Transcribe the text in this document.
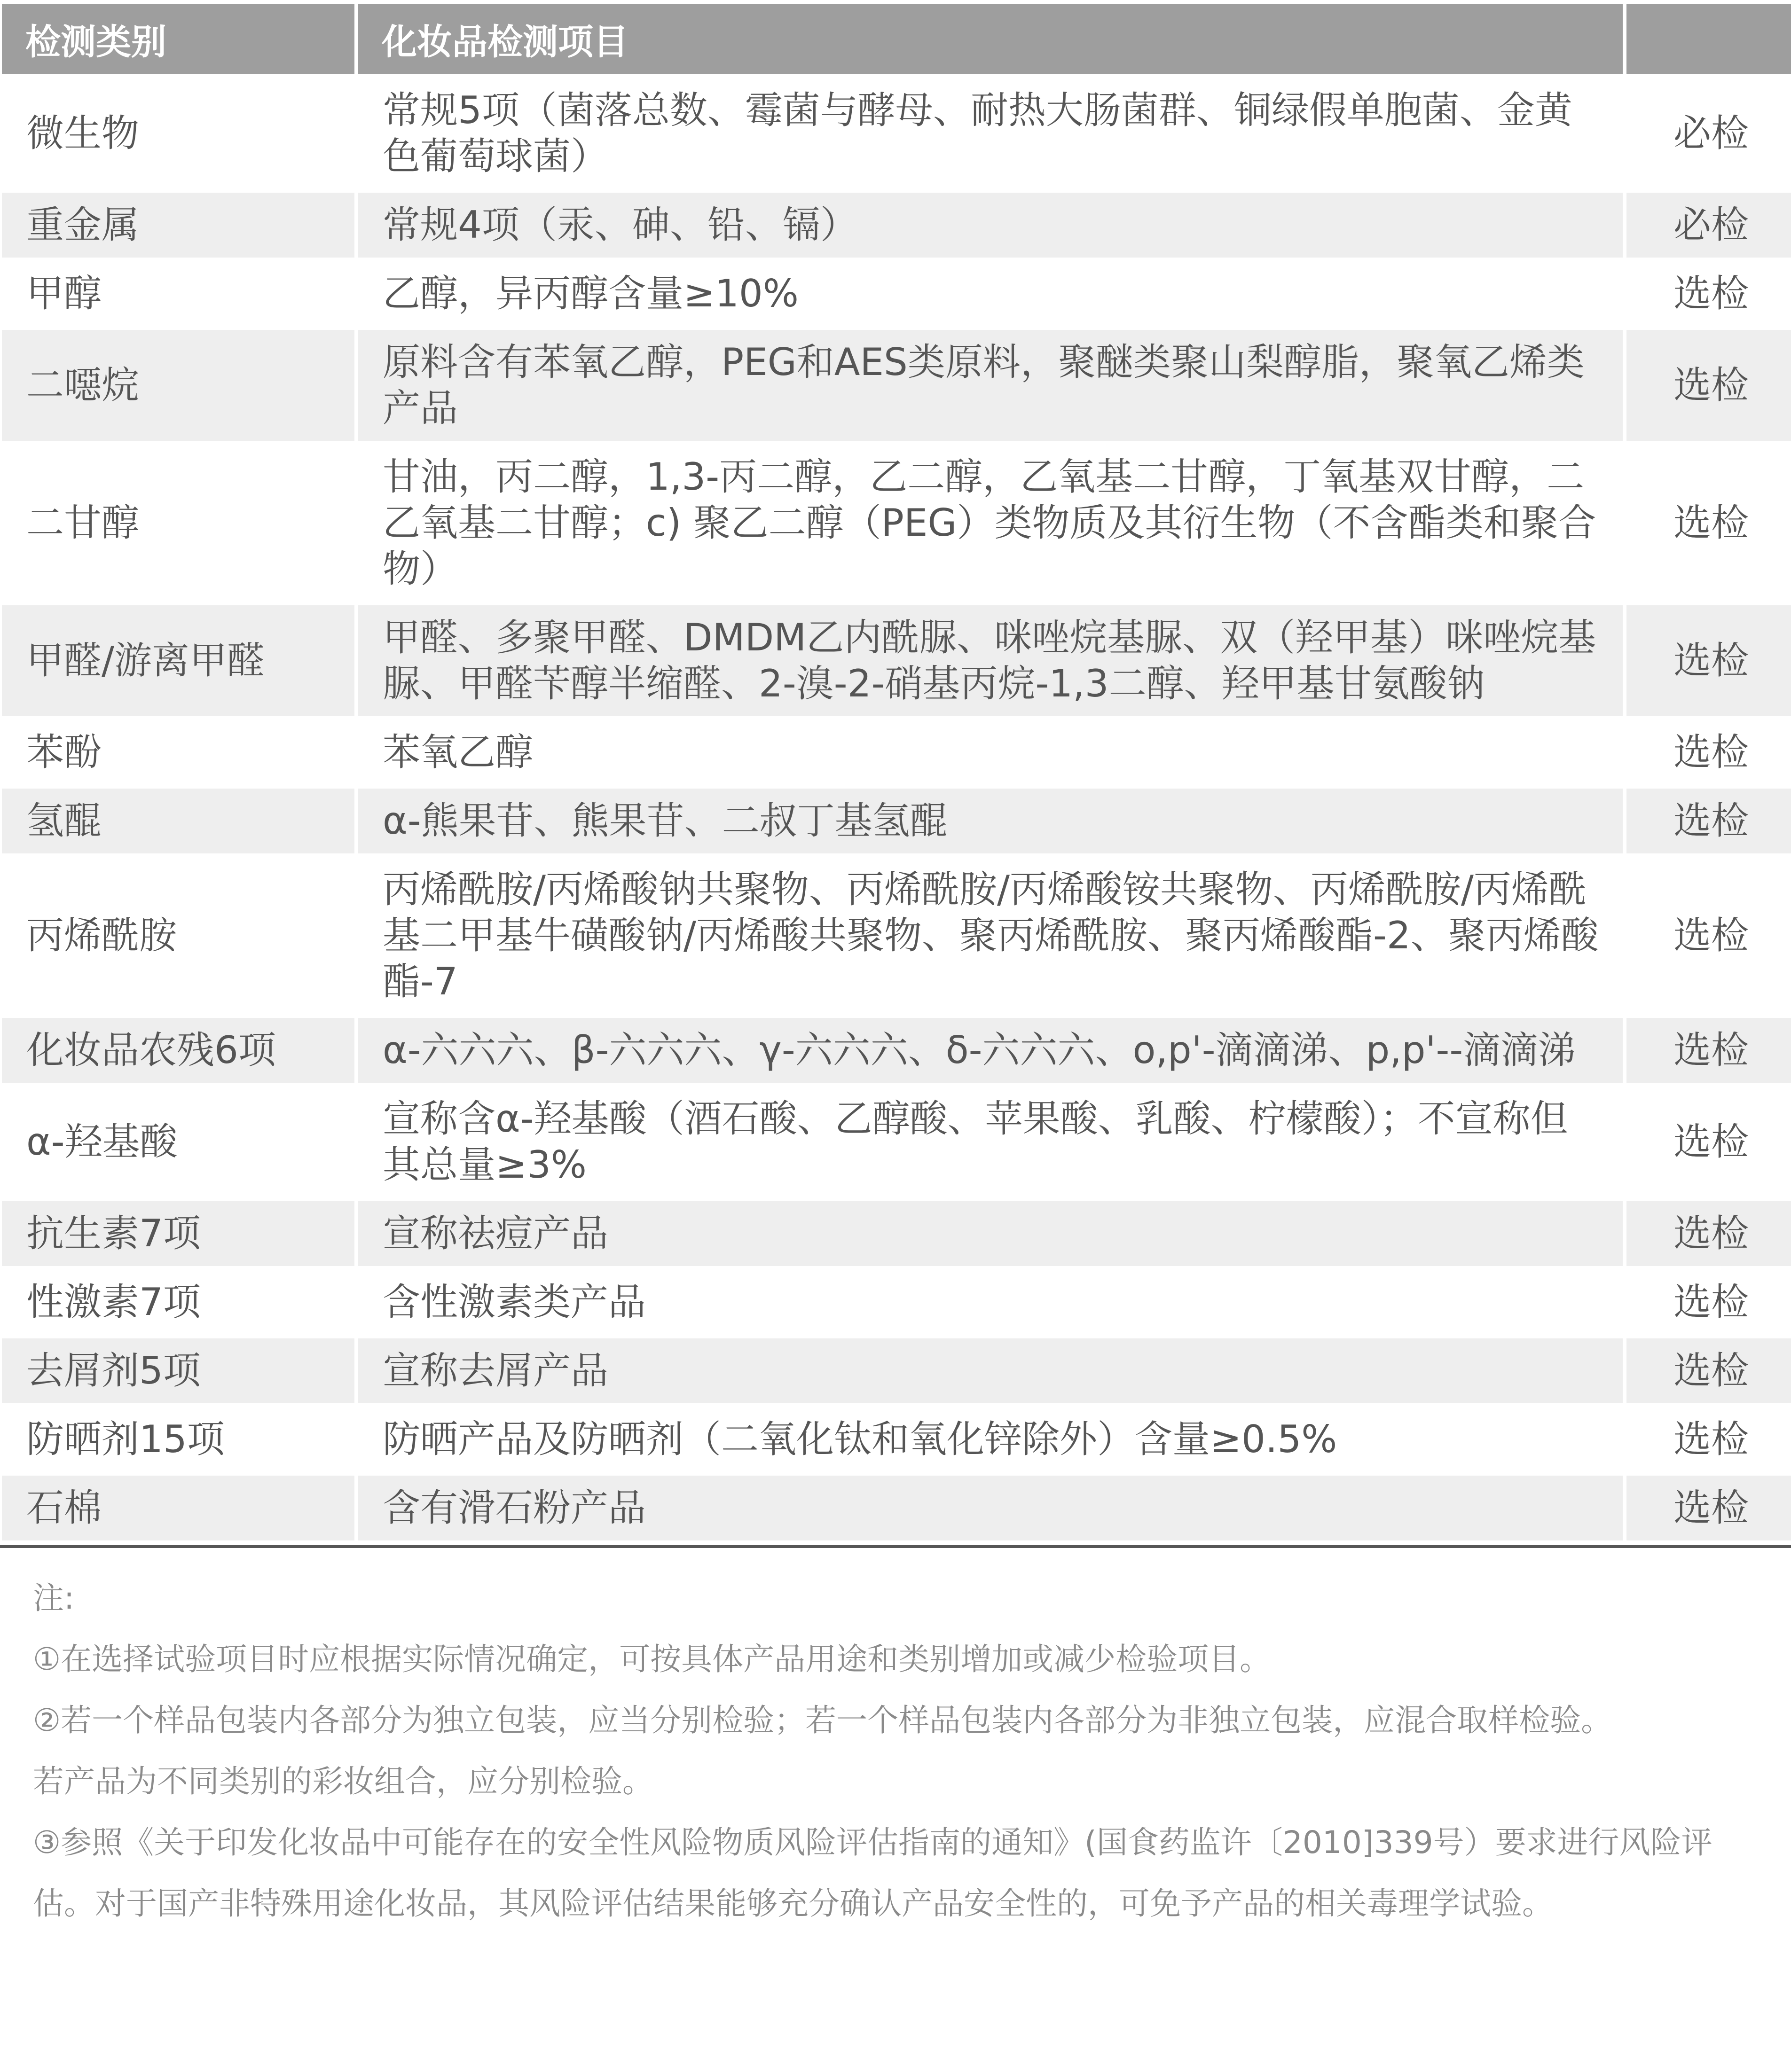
检测类别	化妆品检测项目	
微生物	常规5项（菌落总数、霉菌与酵母、耐热大肠菌群、铜绿假单胞菌、金黄色葡萄球菌）	必检
重金属	常规4项（汞、砷、铅、镉）	必检
甲醇	乙醇，异丙醇含量≥10%	选检
二噁烷	原料含有苯氧乙醇，PEG和AES类原料，聚醚类聚山梨醇脂，聚氧乙烯类产品	选检
二甘醇	甘油，丙二醇，1,3-丙二醇，乙二醇，乙氧基二甘醇，丁氧基双甘醇，二乙氧基二甘醇；c) 聚乙二醇（PEG）类物质及其衍生物（不含酯类和聚合物）	选检
甲醛/游离甲醛	甲醛、多聚甲醛、DMDM乙内酰脲、咪唑烷基脲、双（羟甲基）咪唑烷基脲、甲醛苄醇半缩醛、2-溴-2-硝基丙烷-1,3二醇、羟甲基甘氨酸钠	选检
苯酚	苯氧乙醇	选检
氢醌	α-熊果苷、熊果苷、二叔丁基氢醌	选检
丙烯酰胺	丙烯酰胺/丙烯酸钠共聚物、丙烯酰胺/丙烯酸铵共聚物、丙烯酰胺/丙烯酰基二甲基牛磺酸钠/丙烯酸共聚物、聚丙烯酰胺、聚丙烯酸酯-2、聚丙烯酸酯-7	选检
化妆品农残6项	α-六六六、β-六六六、γ-六六六、δ-六六六、o,p'-滴滴涕、p,p'--滴滴涕	选检
α-羟基酸	宣称含α-羟基酸（酒石酸、乙醇酸、苹果酸、乳酸、柠檬酸）；不宣称但其总量≥3%	选检
抗生素7项	宣称祛痘产品	选检
性激素7项	含性激素类产品	选检
去屑剂5项	宣称去屑产品	选检
防晒剂15项	防晒产品及防晒剂（二氧化钛和氧化锌除外）含量≥0.5%	选检
石棉	含有滑石粉产品	选检

注:

①在选择试验项目时应根据实际情况确定，可按具体产品用途和类别增加或减少检验项目。

②若一个样品包装内各部分为独立包装，应当分别检验；若一个样品包装内各部分为非独立包装，应混合取样检验。

若产品为不同类别的彩妆组合，应分别检验。

③参照《关于印发化妆品中可能存在的安全性风险物质风险评估指南的通知》(国食药监许〔2010]339号）要求进行风险评估。对于国产非特殊用途化妆品，其风险评估结果能够充分确认产品安全性的，可免予产品的相关毒理学试验。
